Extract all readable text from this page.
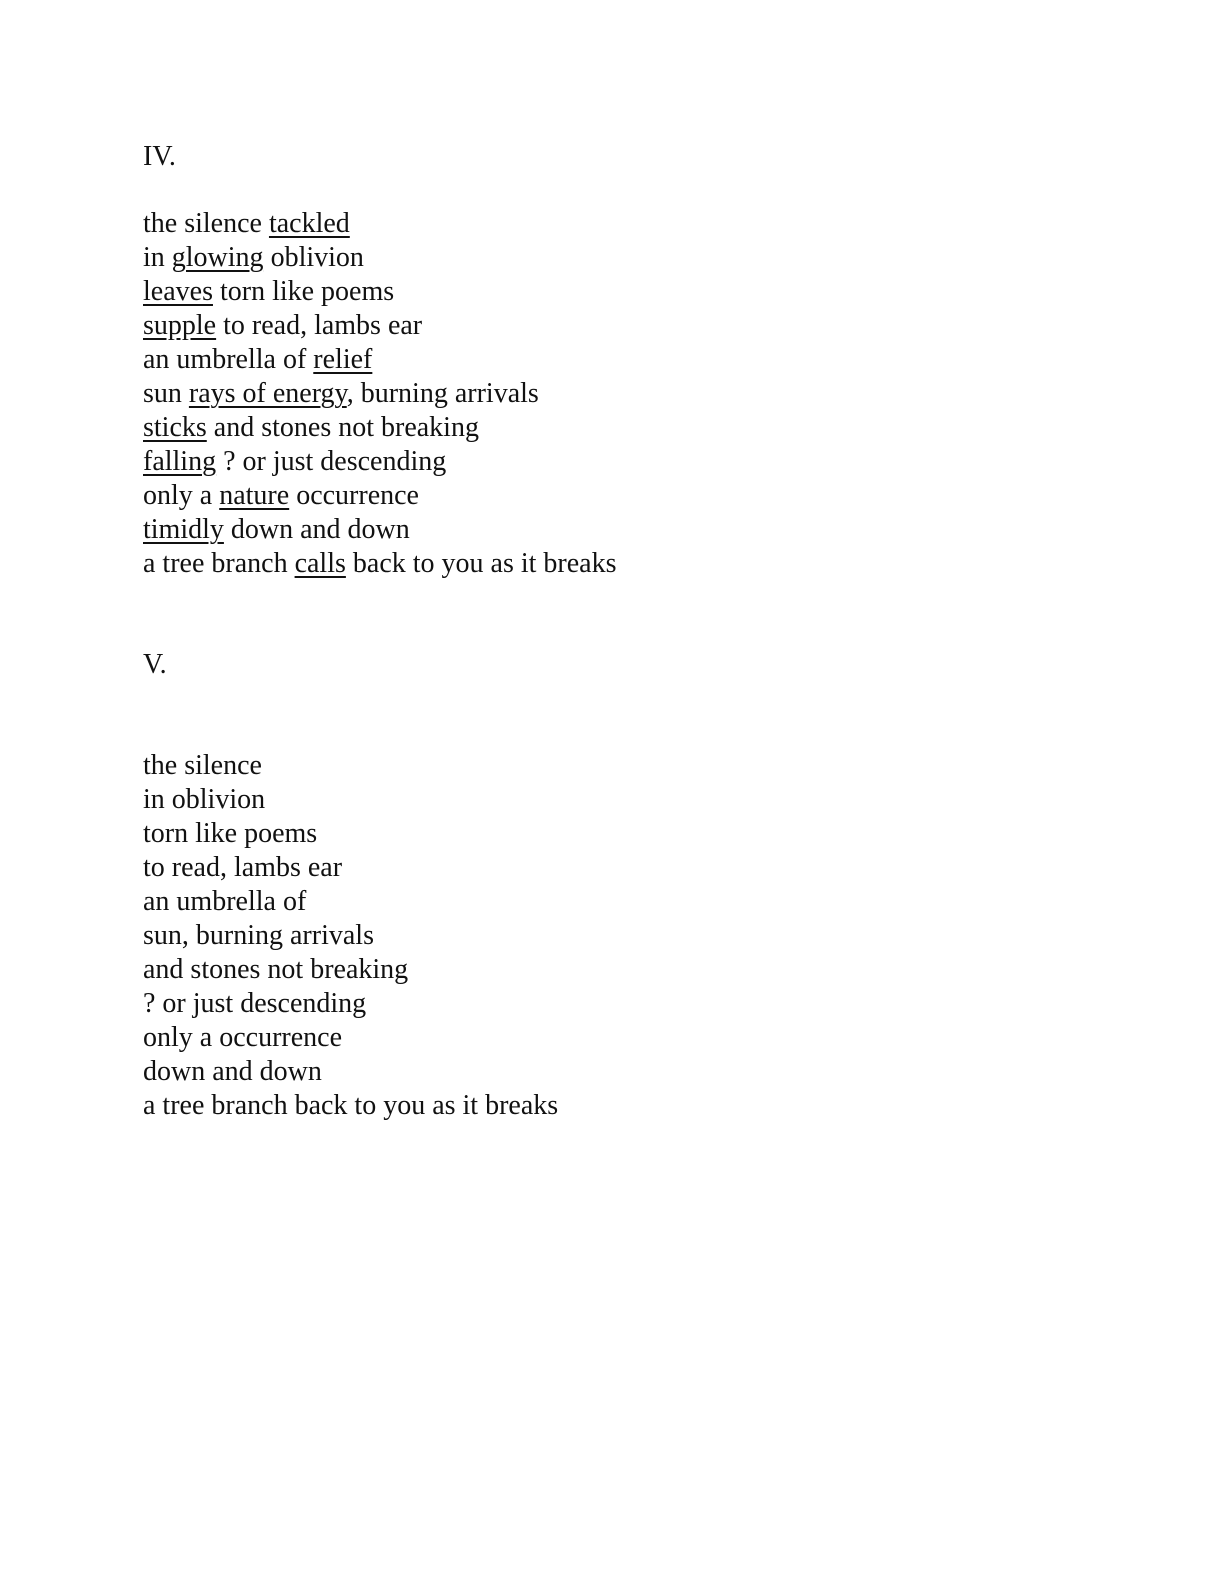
IV.
the silence tackled
in glowing oblivion
leaves torn like poems
supple to read, lambs ear
an umbrella of relief
sun rays of energy, burning arrivals
sticks and stones not breaking
falling ? or just descending
only a nature occurrence
timidly down and down
a tree branch calls back to you as it breaks
V.
the silence
in oblivion
torn like poems
to read, lambs ear
an umbrella of
sun, burning arrivals
and stones not breaking
? or just descending
only a occurrence
down and down
a tree branch back to you as it breaks
